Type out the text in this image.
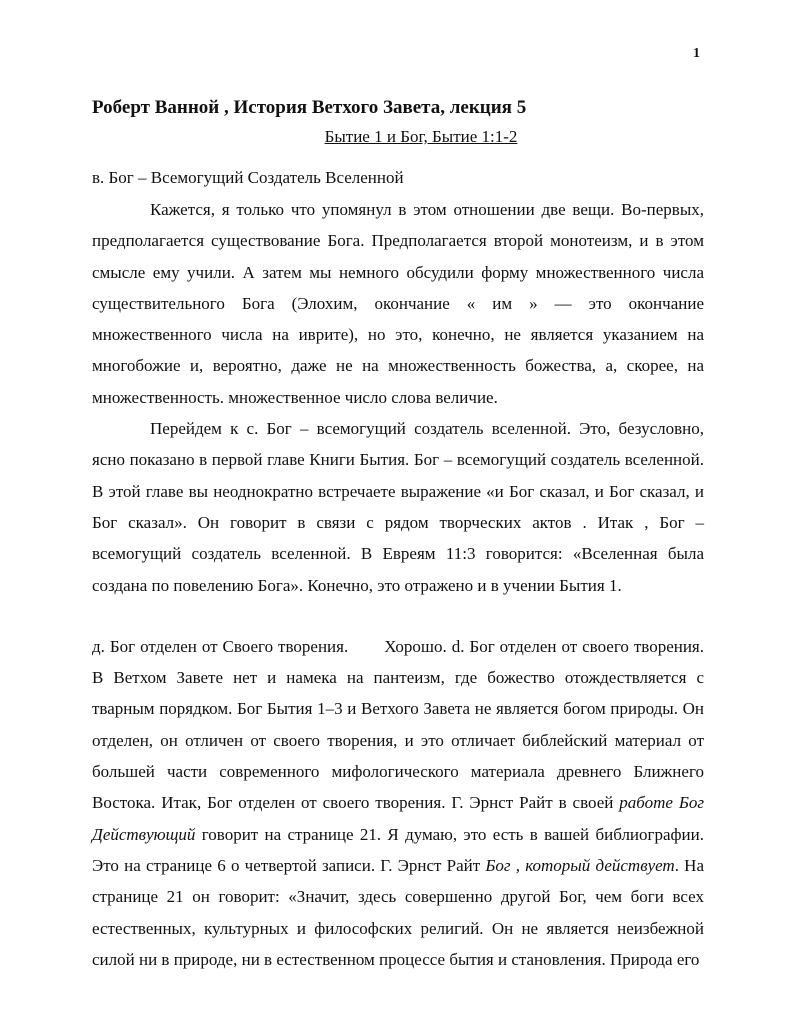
1
Роберт Ванной , История Ветхого Завета, лекция 5
Бытие 1 и Бог, Бытие 1:1-2
в. Бог – Всемогущий Создатель Вселенной

Кажется, я только что упомянул в этом отношении две вещи. Во-первых, предполагается существование Бога. Предполагается второй монотеизм, и в этом смысле ему учили. А затем мы немного обсудили форму множественного числа существительного Бога (Элохим, окончание « им » — это окончание множественного числа на иврите), но это, конечно, не является указанием на многобожие и, вероятно, даже не на множественность божества, а, скорее, на множественность. множественное число слова величие.

Перейдем к с. Бог – всемогущий создатель вселенной. Это, безусловно, ясно показано в первой главе Книги Бытия. Бог – всемогущий создатель вселенной. В этой главе вы неоднократно встречаете выражение «и Бог сказал, и Бог сказал, и Бог сказал». Он говорит в связи с рядом творческих актов . Итак , Бог – всемогущий создатель вселенной. В Евреям 11:3 говорится: «Вселенная была создана по повелению Бога». Конечно, это отражено и в учении Бытия 1.

д. Бог отделен от Своего творения. Хорошо. d. Бог отделен от своего творения. В Ветхом Завете нет и намека на пантеизм, где божество отождествляется с тварным порядком. Бог Бытия 1–3 и Ветхого Завета не является богом природы. Он отделен, он отличен от своего творения, и это отличает библейский материал от большей части современного мифологического материала древнего Ближнего Востока. Итак, Бог отделен от своего творения. Г. Эрнст Райт в своей работе Бог Действующий говорит на странице 21. Я думаю, это есть в вашей библиографии. Это на странице 6 о четвертой записи. Г. Эрнст Райт Бог , который действует. На странице 21 он говорит: «Значит, здесь совершенно другой Бог, чем боги всех естественных, культурных и философских религий. Он не является неизбежной силой ни в природе, ни в естественном процессе бытия и становления. Природа его
